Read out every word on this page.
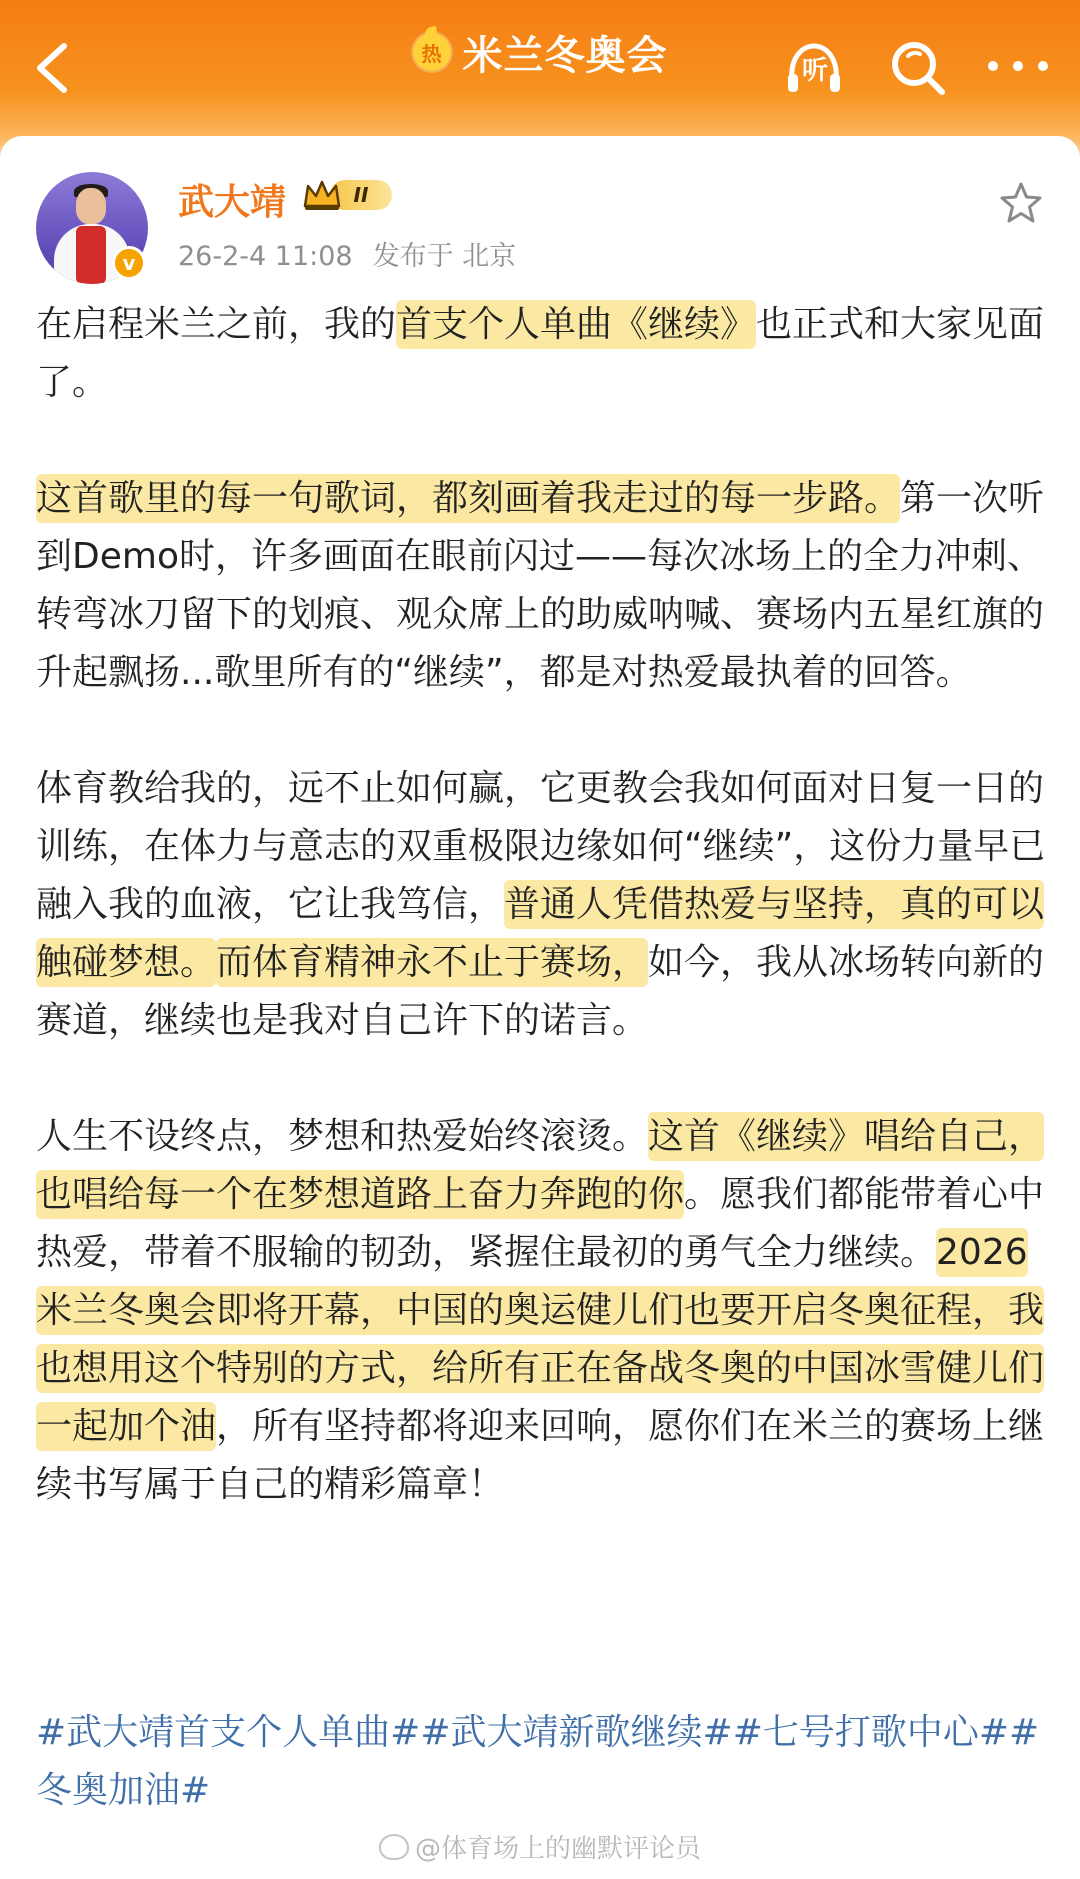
热 米兰冬奥会	听
v
武大靖	II
26-2-4 11:08 发布于 北京

在启程米兰之前，我的首支个人单曲《继续》也正式和大家见面了。

这首歌里的每一句歌词，都刻画着我走过的每一步路。第一次听到Demo时，许多画面在眼前闪过——每次冰场上的全力冲刺、转弯冰刀留下的划痕、观众席上的助威呐喊、赛场内五星红旗的升起飘扬...歌里所有的“继续”，都是对热爱最执着的回答。

体育教给我的，远不止如何赢，它更教会我如何面对日复一日的训练，在体力与意志的双重极限边缘如何“继续”，这份力量早已融入我的血液，它让我笃信，普通人凭借热爱与坚持，真的可以触碰梦想。而体育精神永不止于赛场，如今，我从冰场转向新的赛道，继续也是我对自己许下的诺言。

人生不设终点，梦想和热爱始终滚烫。这首《继续》唱给自己，也唱给每一个在梦想道路上奋力奔跑的你。愿我们都能带着心中热爱，带着不服输的韧劲，紧握住最初的勇气全力继续。2026米兰冬奥会即将开幕，中国的奥运健儿们也要开启冬奥征程，我也想用这个特别的方式，给所有正在备战冬奥的中国冰雪健儿们一起加个油，所有坚持都将迎来回响，愿你们在米兰的赛场上继续书写属于自己的精彩篇章！

#武大靖首支个人单曲##武大靖新歌继续##七号打歌中心##冬奥加油#
@体育场上的幽默评论员
